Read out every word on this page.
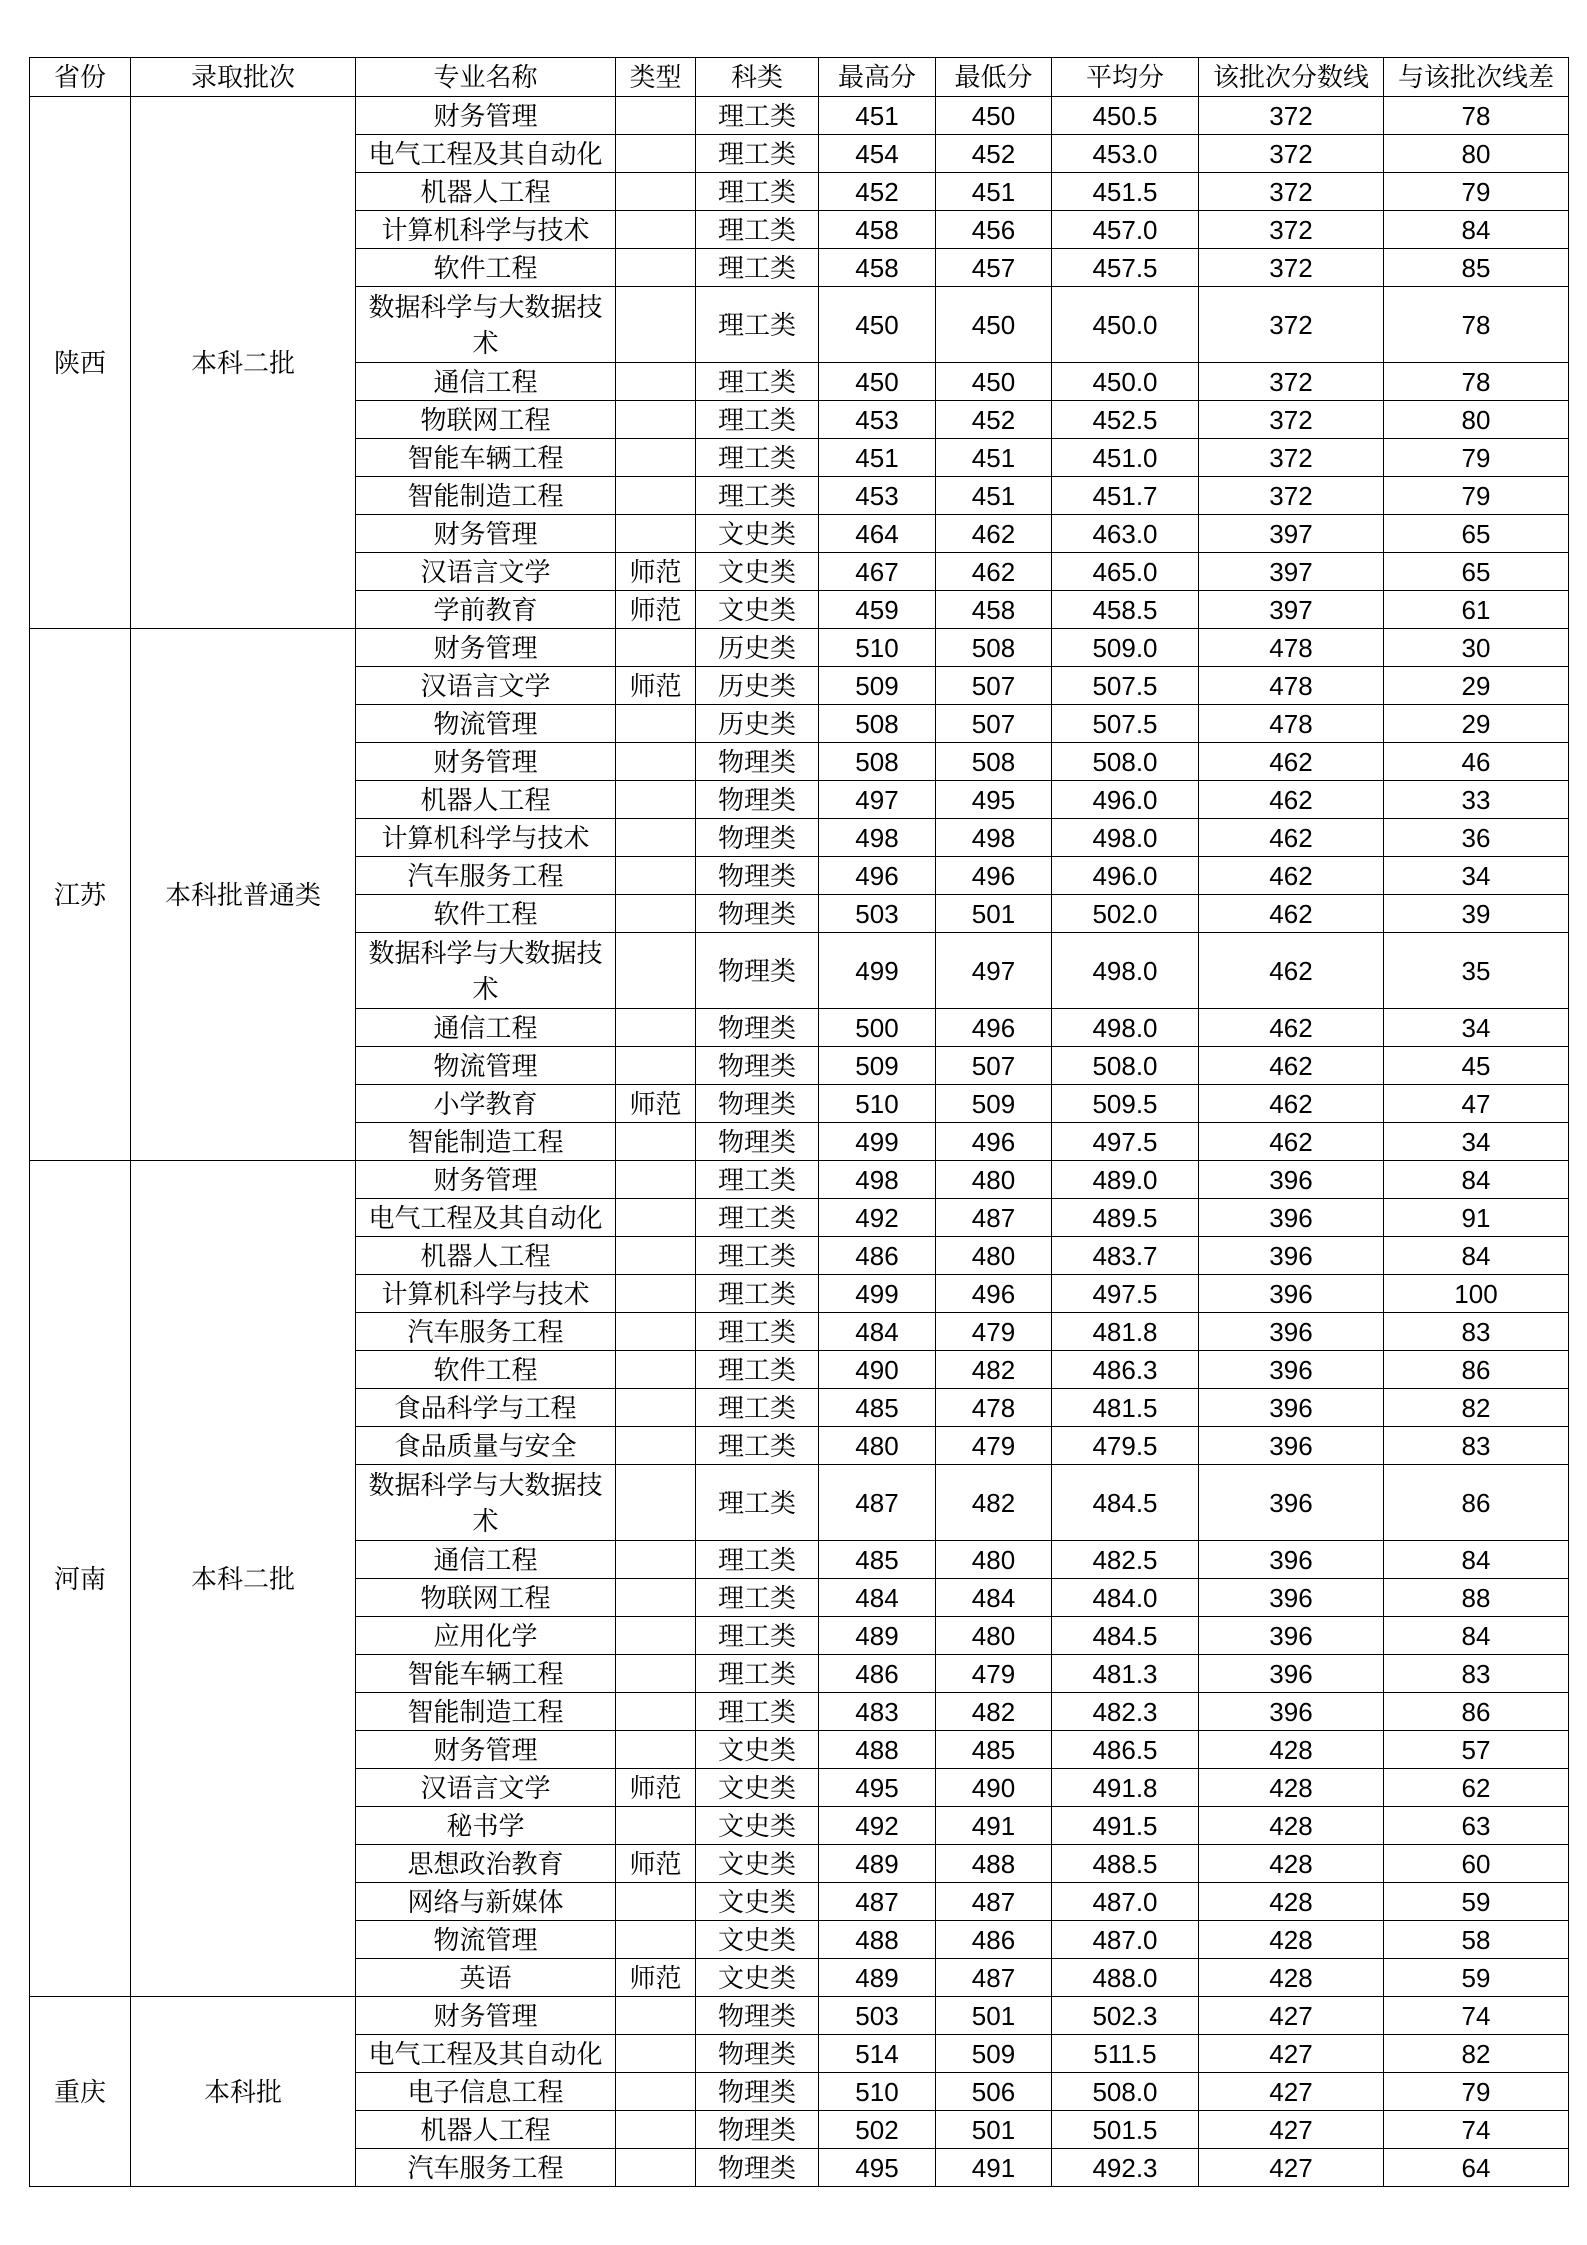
省份	录取批次	专业名称	类型	科类	最高分	最低分	平均分	该批次分数线	与该批次线差
陕西	本科二批	财务管理		理工类	451	450	450.5	372	78
		电气工程及其自动化		理工类	454	452	453.0	372	80
		机器人工程		理工类	452	451	451.5	372	79
		计算机科学与技术		理工类	458	456	457.0	372	84
		软件工程		理工类	458	457	457.5	372	85
		数据科学与大数据技术		理工类	450	450	450.0	372	78
		通信工程		理工类	450	450	450.0	372	78
		物联网工程		理工类	453	452	452.5	372	80
		智能车辆工程		理工类	451	451	451.0	372	79
		智能制造工程		理工类	453	451	451.7	372	79
		财务管理		文史类	464	462	463.0	397	65
		汉语言文学	师范	文史类	467	462	465.0	397	65
		学前教育	师范	文史类	459	458	458.5	397	61
江苏	本科批普通类	财务管理		历史类	510	508	509.0	478	30
		汉语言文学	师范	历史类	509	507	507.5	478	29
		物流管理		历史类	508	507	507.5	478	29
		财务管理		物理类	508	508	508.0	462	46
		机器人工程		物理类	497	495	496.0	462	33
		计算机科学与技术		物理类	498	498	498.0	462	36
		汽车服务工程		物理类	496	496	496.0	462	34
		软件工程		物理类	503	501	502.0	462	39
		数据科学与大数据技术		物理类	499	497	498.0	462	35
		通信工程		物理类	500	496	498.0	462	34
		物流管理		物理类	509	507	508.0	462	45
		小学教育	师范	物理类	510	509	509.5	462	47
		智能制造工程		物理类	499	496	497.5	462	34
河南	本科二批	财务管理		理工类	498	480	489.0	396	84
		电气工程及其自动化		理工类	492	487	489.5	396	91
		机器人工程		理工类	486	480	483.7	396	84
		计算机科学与技术		理工类	499	496	497.5	396	100
		汽车服务工程		理工类	484	479	481.8	396	83
		软件工程		理工类	490	482	486.3	396	86
		食品科学与工程		理工类	485	478	481.5	396	82
		食品质量与安全		理工类	480	479	479.5	396	83
		数据科学与大数据技术		理工类	487	482	484.5	396	86
		通信工程		理工类	485	480	482.5	396	84
		物联网工程		理工类	484	484	484.0	396	88
		应用化学		理工类	489	480	484.5	396	84
		智能车辆工程		理工类	486	479	481.3	396	83
		智能制造工程		理工类	483	482	482.3	396	86
		财务管理		文史类	488	485	486.5	428	57
		汉语言文学	师范	文史类	495	490	491.8	428	62
		秘书学		文史类	492	491	491.5	428	63
		思想政治教育	师范	文史类	489	488	488.5	428	60
		网络与新媒体		文史类	487	487	487.0	428	59
		物流管理		文史类	488	486	487.0	428	58
		英语	师范	文史类	489	487	488.0	428	59
重庆	本科批	财务管理		物理类	503	501	502.3	427	74
		电气工程及其自动化		物理类	514	509	511.5	427	82
		电子信息工程		物理类	510	506	508.0	427	79
		机器人工程		物理类	502	501	501.5	427	74
		汽车服务工程		物理类	495	491	492.3	427	64
